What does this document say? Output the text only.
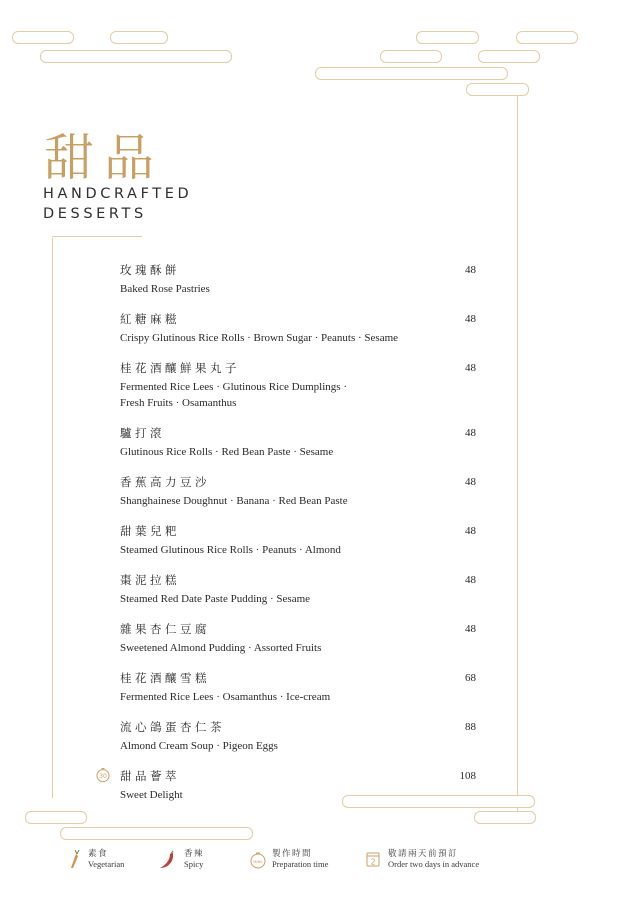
甜品
HANDCRAFTED
DESSERTS
玫瑰酥餅
Baked Rose Pastries
48
紅糖麻糍
Crispy Glutinous Rice Rolls · Brown Sugar · Peanuts · Sesame
48
桂花酒釀鮮果丸子
Fermented Rice Lees · Glutinous Rice Dumplings ·
Fresh Fruits · Osamanthus
48
驢打滾
Glutinous Rice Rolls · Red Bean Paste · Sesame
48
香蕉高力豆沙
Shanghainese Doughnut · Banana · Red Bean Paste
48
甜葉兒粑
Steamed Glutinous Rice Rolls · Peanuts · Almond
48
棗泥拉糕
Steamed Red Date Paste Pudding · Sesame
48
雜果杏仁豆腐
Sweetened Almond Pudding · Assorted Fruits
48
桂花酒釀雪糕
Fermented Rice Lees · Osamanthus · Ice-cream
68
流心鴿蛋杏仁茶
Almond Cream Soup · Pigeon Eggs
88
30 甜品薈萃
Sweet Delight
108
素食
Vegetarian
香辣
Spicy	MINS
製作時間
Preparation time	2
敬請兩天前預訂
Order two days in advance
